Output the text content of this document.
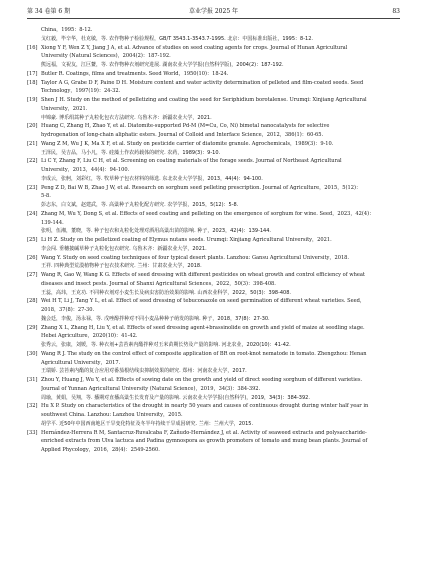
第 34 卷第 6 期	草业学报 2025 年	83
China，1995：8-12.
戈红毅，毕辛华，杜克敏，等. 农作物种子检验规程，GB/T 3543.1-3543.7-1995. 北京：中国标准出版社，1995：8-12.
[16] Xiong Y F, Wen Z Y, Jiang J A, et al. Advance of studies on seed coating agents for crops. Journal of Hunan Agricultural
University (Natural Sciences)，2004(2)：187-192.
熊远福，文祝友，江巨鳌，等. 农作物种衣剂研究进展. 湖南农业大学学报(自然科学版)，2004(2)：187-192.
[17] Butler R. Coatings, films and treatments. Seed World，1950(10)：18-24.
[18] Taylor A G, Grabe D F, Paine D H. Moisture content and water activity determination of pelleted and film-coated seeds. Seed
Technology，1997(19)：24-32.
[19] Shen J H. Study on the method of pelletizing and coating the seed for Seriphidium borotalense. Urumqi: Xinjiang Agricultural
University，2021.
申锦豪. 博乐绢蒿种子丸粒化包衣方法研究. 乌鲁木齐：新疆农业大学，2021.
[20] Huang C, Zhang H, Zhao Y, et al. Diatomite-supported Pd-M (M=Cu, Co, Ni) bimetal nanocatalysts for selective
hydrogenation of long-chain aliphatic esters. Journal of Colloid and Interface Science，2012，386(1)：60-65.
[21] Wang Z M, Wu J K, Ma X F, et al. Study on pesticide carrier of diatomite granule. Agrochemicals，1989(3)：9-10.
王泽民，吴吉品，马小凡，等. 硅藻土作农药载体的研究. 农药，1989(3)：9-10.
[22] Li C Y, Zhang F, Liu C H, et al. Screening on coating materials of the forage seeds. Journal of Northeast Agricultural
University，2013，44(4)：94-100.
李成云，张舸，刘彩红，等. 牧草种子包衣材料的筛选. 东北农业大学学报，2013，44(4)：94-100.
[23] Peng Z D, Bai W B, Zhao J W, et al. Research on sorghum seed pelleting prescription. Journal of Agriculture，2015，5(12)：
5-8.
彭志东，白文斌，赵建武，等. 高粱种子丸粒化配方研究. 农学学报，2015，5(12)：5-8.
[24] Zhang M, Wu Y, Dong S, et al. Effects of seed coating and pelleting on the emergence of sorghum for wine. Seed，2023，42(4)：
139-144.
张明，伍湘，董晓，等. 种子包衣和丸粒化处理对酒用高粱出苗的影响. 种子，2023，42(4)：139-144.
[25] Li H Z. Study on the pelletized coating of Elymus nutans seeds. Urumqi: Xinjiang Agricultural University，2021.
李会闯. 垂穗披碱草种子丸粒化包衣研究. 乌鲁木齐：新疆农业大学，2021.
[26] Wang Y. Study on seed coating techniques of four typical desert plants. Lanzhou: Gansu Agricultural University，2018.
王祥. 四种典型荒漠植物种子包衣技术研究. 兰州：甘肃农业大学，2018.
[27] Wang R, Gao W, Wang K G. Effects of seed dressing with different pesticides on wheat growth and control efficiency of wheat
diseases and insect pests. Journal of Shanxi Agricultural Sciences，2022，50(3)：398-408.
王蕊，高玮，王克功. 不同种衣剂对小麦生长及病虫害防治效果的影响. 山西农业科学，2022，50(3)：398-408.
[28] Wei H T, Li J, Tang Y L, et al. Effect of seed dressing of tebuconazole on seed germination of different wheat varieties. Seed，
2018，37(8)：27-30.
魏会廷，李俊，汤永禄，等. 戊唑醇拌种对不同小麦品种种子萌发的影响. 种子，2018，37(8)：27-30.
[29] Zhang X L, Zhang H, Liu Y, et al. Effects of seed dressing agent+brassinolide on growth and yield of maize at seedling stage.
Hebei Agriculture，2020(10)：41-42.
张秀云，张康，刘媛，等. 种衣剂+芸苔素内酯拌种对玉米苗期长势及产量的影响. 河北农业，2020(10)：41-42.
[30] Wang R J. The study on the control effect of composite application of BR on root-knot nematode in tomato. Zhengzhou: Henan
Agricultural University，2017.
王瑞娇. 芸苔素内酯的复合应用对番茄根结线虫抑制效果的研究. 郑州：河南农业大学，2017.
[31] Zhou Y, Huang J, Wu Y, et al. Effects of sowing date on the growth and yield of direct seeding sorghum of different varieties.
Journal of Yunnan Agricultural University (Natural Science)，2019，34(3)：384-392.
周瑜，黄娟，吴翔，等. 播期对直播高粱生长发育及产量的影响. 云南农业大学学报(自然科学)，2019，34(3)：384-392.
[32] Hu X P. Study on characteristics of the drought in nearly 50 years and causes of continuous drought during winter half year in
southwest China. Lanzhou: Lanzhou University，2015.
胡学平. 近50年中国西南地区干旱变化特征及冬半年持续干旱成因研究. 兰州：兰州大学，2015.
[33] Hernández-Herrera R M, Santacruz-Ruvalcaba F, Zañudo-Hernández J, et al. Activity of seaweed extracts and polysaccharide-
enriched extracts from Ulva lactuca and Padina gymnospora as growth promoters of tomato and mung bean plants. Journal of
Applied Phycology，2016，28(4)：2549-2560.
